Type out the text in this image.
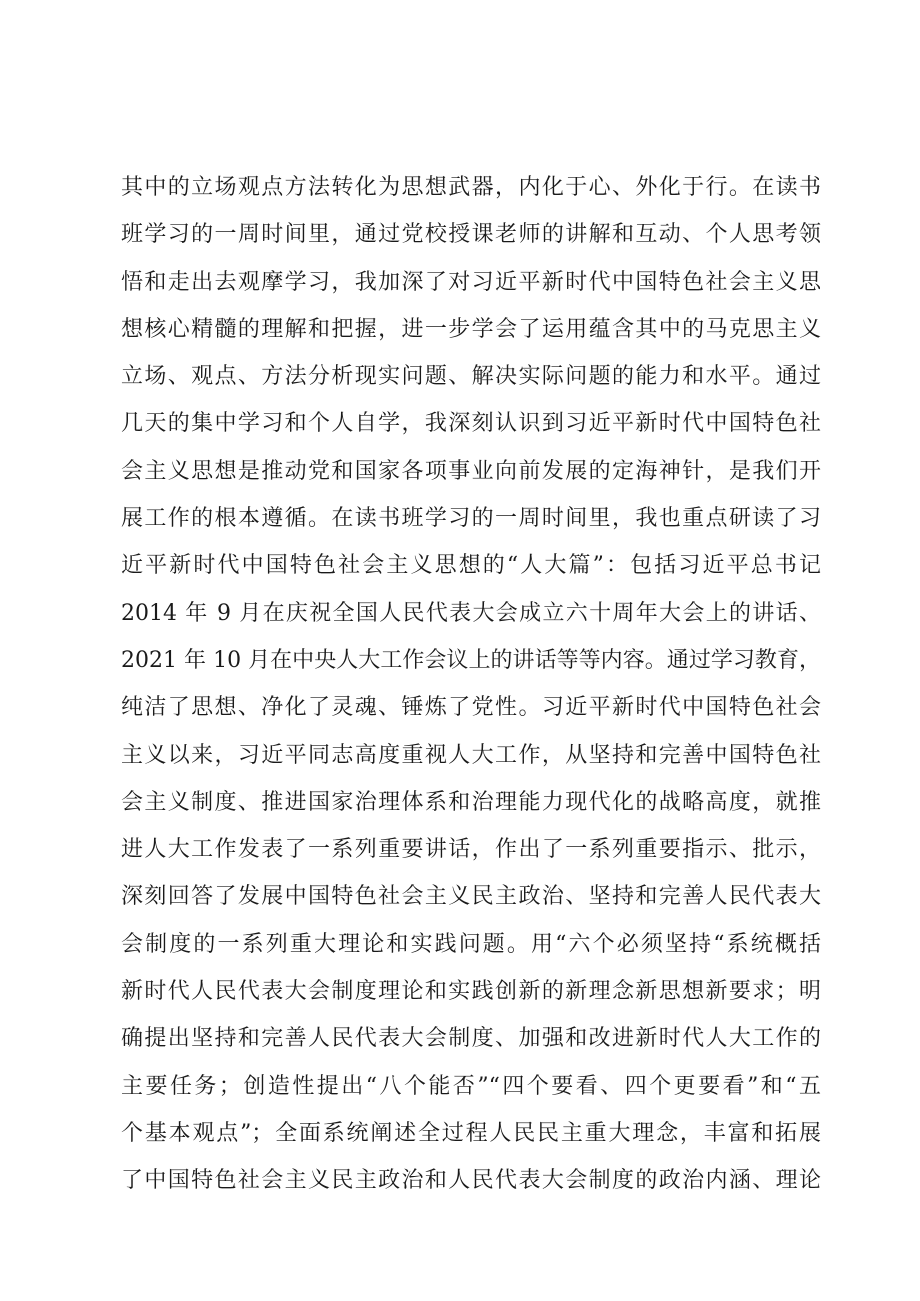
其中的立场观点方法转化为思想武器，内化于心、外化于行。在读书
班学习的一周时间里，通过党校授课老师的讲解和互动、个人思考领
悟和走出去观摩学习，我加深了对习近平新时代中国特色社会主义思
想核心精髓的理解和把握，进一步学会了运用蕴含其中的马克思主义
立场、观点、方法分析现实问题、解决实际问题的能力和水平。通过
几天的集中学习和个人自学，我深刻认识到习近平新时代中国特色社
会主义思想是推动党和国家各项事业向前发展的定海神针，是我们开
展工作的根本遵循。在读书班学习的一周时间里，我也重点研读了习
近平新时代中国特色社会主义思想的“人大篇”：包括习近平总书记
2014 年 9 月在庆祝全国人民代表大会成立六十周年大会上的讲话、
2021 年 10 月在中央人大工作会议上的讲话等等内容。通过学习教育，
纯洁了思想、净化了灵魂、锤炼了党性。习近平新时代中国特色社会
主义以来，习近平同志高度重视人大工作，从坚持和完善中国特色社
会主义制度、推进国家治理体系和治理能力现代化的战略高度，就推
进人大工作发表了一系列重要讲话，作出了一系列重要指示、批示，
深刻回答了发展中国特色社会主义民主政治、坚持和完善人民代表大
会制度的一系列重大理论和实践问题。用“六个必须坚持“系统概括
新时代人民代表大会制度理论和实践创新的新理念新思想新要求；明
确提出坚持和完善人民代表大会制度、加强和改进新时代人大工作的
主要任务；创造性提出“八个能否”“四个要看、四个更要看”和“五
个基本观点”；全面系统阐述全过程人民民主重大理念，丰富和拓展
了中国特色社会主义民主政治和人民代表大会制度的政治内涵、理论
